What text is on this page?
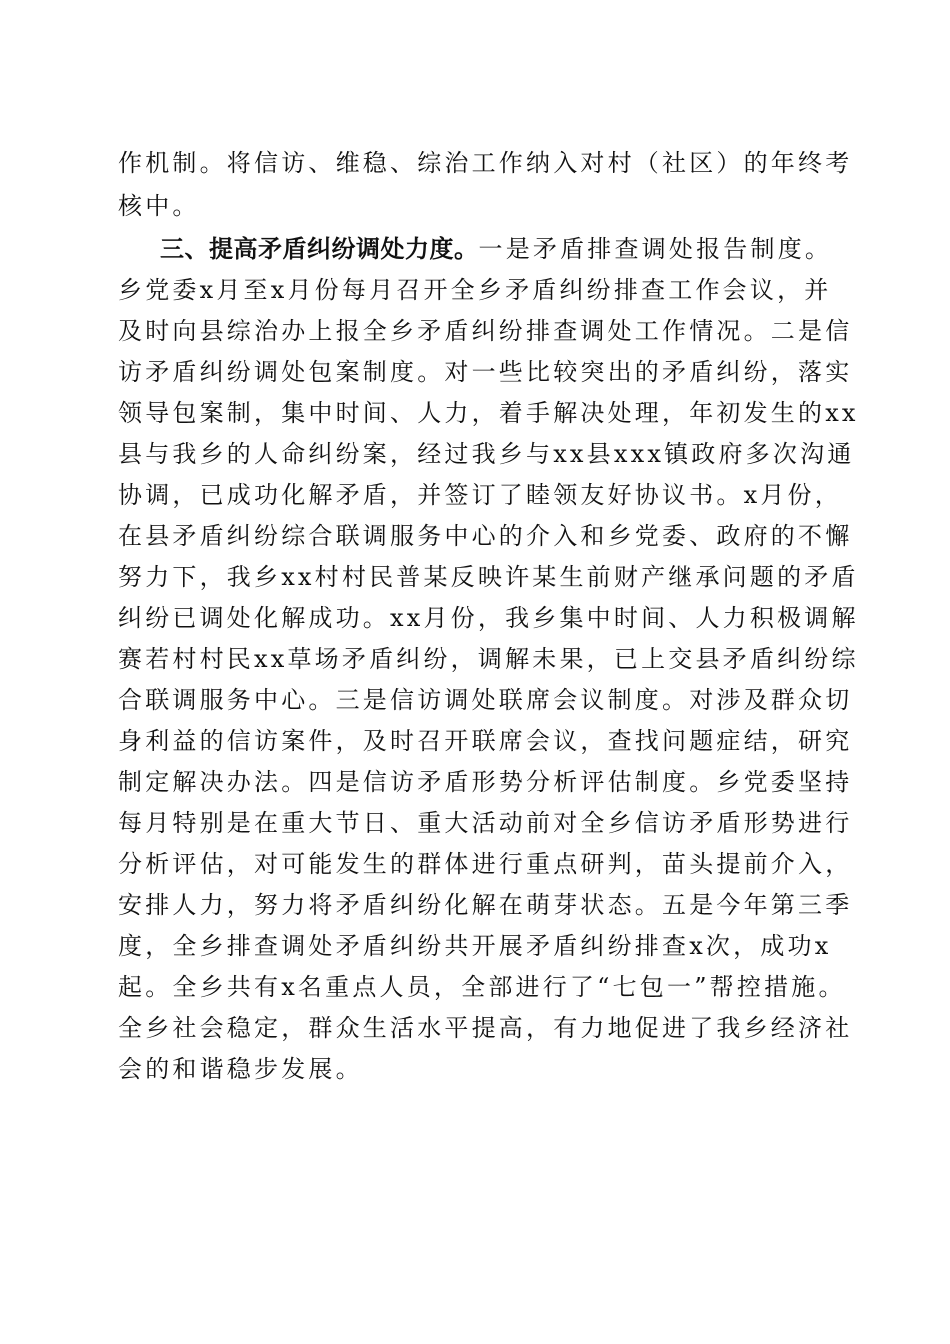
作机制。将信访、维稳、综治工作纳入对村（社区）的年终考
核中。
三、提高矛盾纠纷调处力度。一是矛盾排查调处报告制度。
乡党委x月至x月份每月召开全乡矛盾纠纷排查工作会议，并
及时向县综治办上报全乡矛盾纠纷排查调处工作情况。二是信
访矛盾纠纷调处包案制度。对一些比较突出的矛盾纠纷，落实
领导包案制，集中时间、人力，着手解决处理，年初发生的xx
县与我乡的人命纠纷案，经过我乡与xx县xxx镇政府多次沟通
协调，已成功化解矛盾，并签订了睦领友好协议书。x月份，
在县矛盾纠纷综合联调服务中心的介入和乡党委、政府的不懈
努力下，我乡xx村村民普某反映许某生前财产继承问题的矛盾
纠纷已调处化解成功。xx月份，我乡集中时间、人力积极调解
赛若村村民xx草场矛盾纠纷，调解未果，已上交县矛盾纠纷综
合联调服务中心。三是信访调处联席会议制度。对涉及群众切
身利益的信访案件，及时召开联席会议，查找问题症结，研究
制定解决办法。四是信访矛盾形势分析评估制度。乡党委坚持
每月特别是在重大节日、重大活动前对全乡信访矛盾形势进行
分析评估，对可能发生的群体进行重点研判，苗头提前介入，
安排人力，努力将矛盾纠纷化解在萌芽状态。五是今年第三季
度，全乡排查调处矛盾纠纷共开展矛盾纠纷排查x次，成功x
起。全乡共有x名重点人员，全部进行了“七包一”帮控措施。
全乡社会稳定，群众生活水平提高，有力地促进了我乡经济社
会的和谐稳步发展。
